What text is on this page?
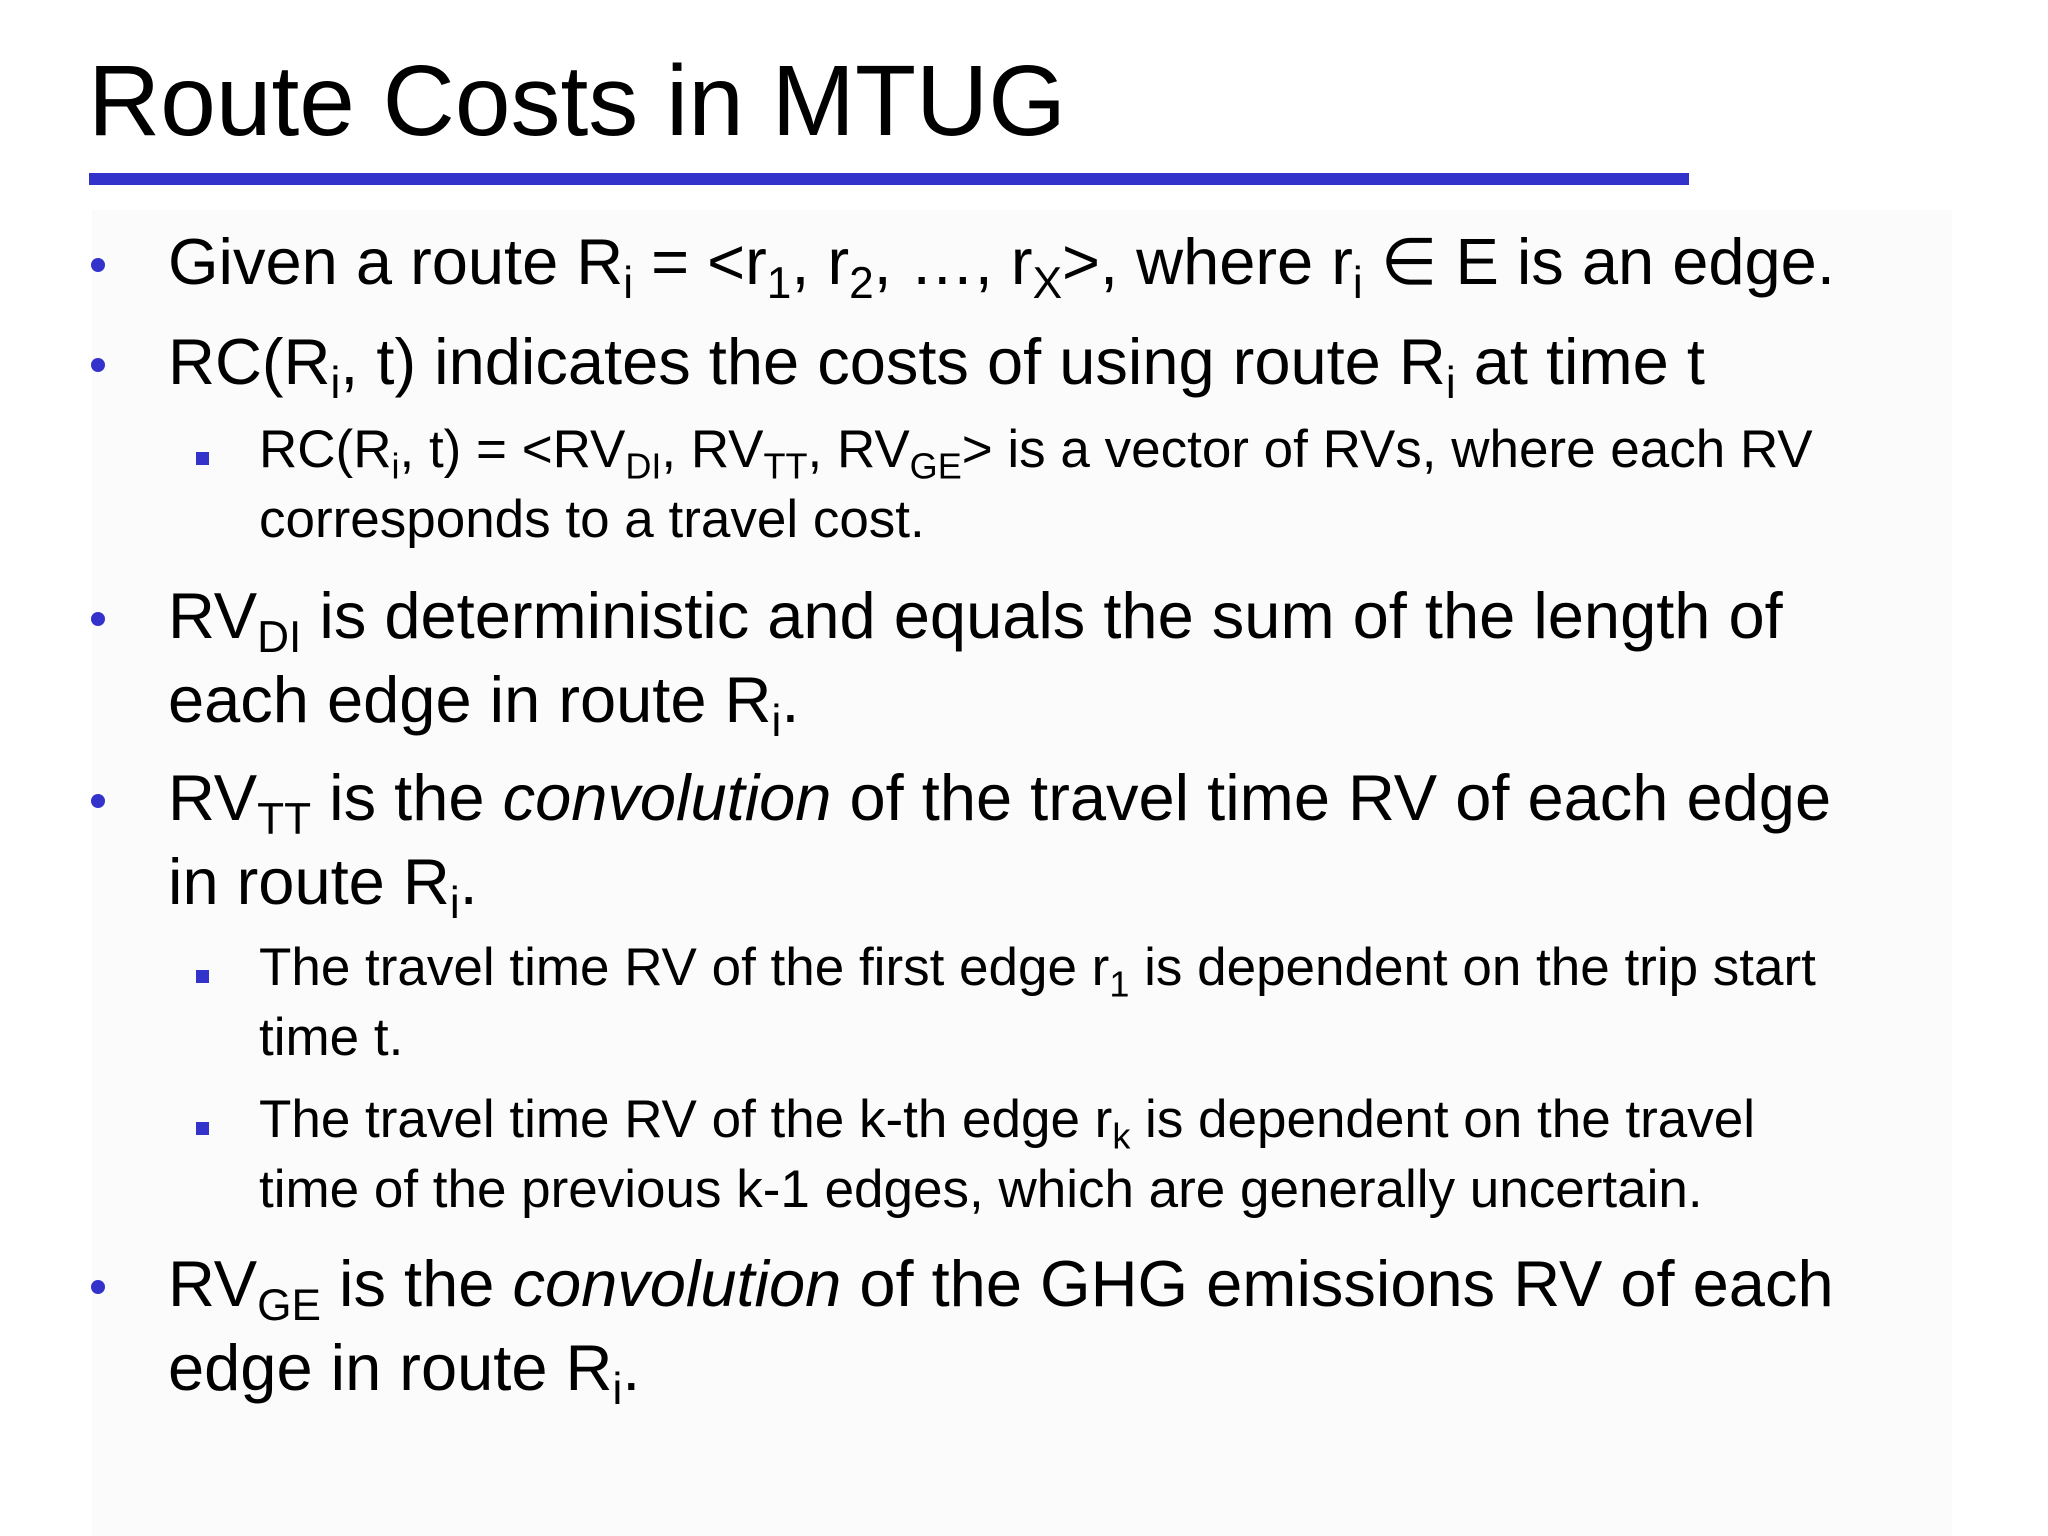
Route Costs in MTUG
Given a route $R_i = <r_1$, $r_2$, …, $r_X>$, where $r_i$ ∈ E is an edge.
$RC(R_i$, t) indicates the costs of using route $R_i$ at time t
$RC(R_i$, $t) = <RV_{DI}$, $RV_{TT}$, $RV_{GE}>$ is a vector of RVs, where each RV
corresponds to a travel cost.
$RV_{DI}$ is deterministic and equals the sum of the length of
each edge in route $R_i$.
$RV_{TT}$ is the convolution of the travel time RV of each edge
in route $R_i$.
The travel time RV of the first edge $r_1$ is dependent on the trip start
time t.
The travel time RV of the k-th edge $r_k$ is dependent on the travel
time of the previous k-1 edges, which are generally uncertain.
$RV_{GE}$ is the convolution of the GHG emissions RV of each
edge in route $R_i$.
